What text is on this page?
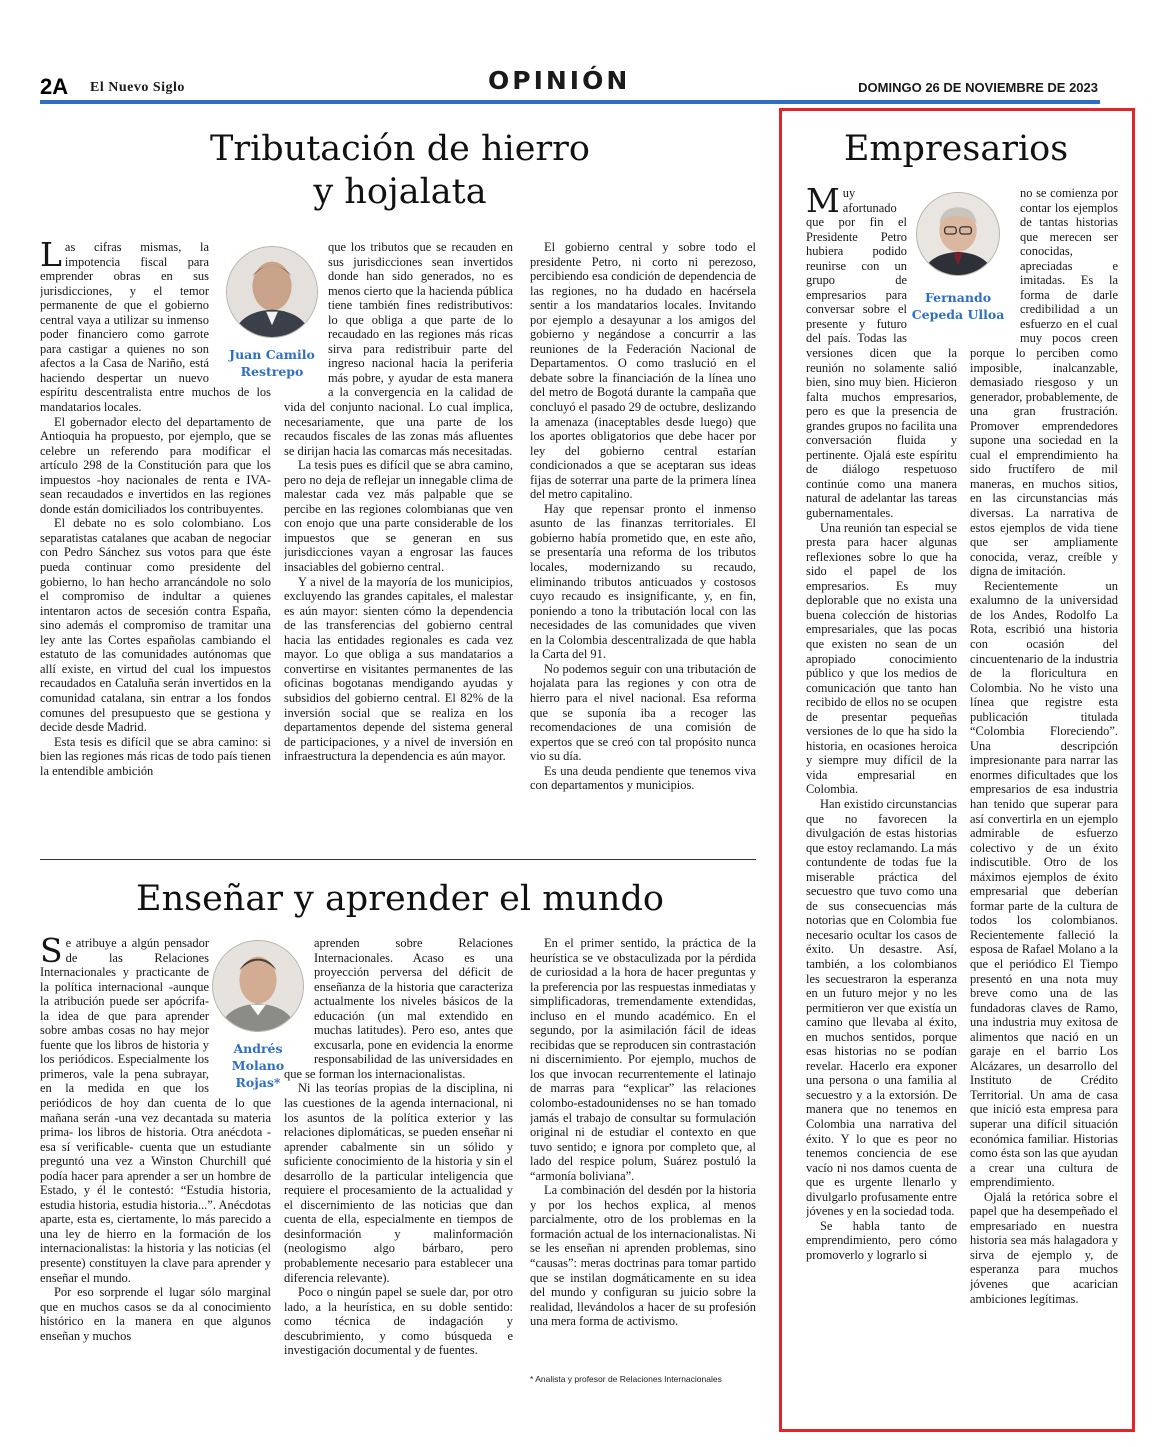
2A El Nuevo Siglo	OPINIÓN	DOMINGO 26 DE NOVIEMBRE DE 2023
Tributación de hierro
y hojalata
Juan Camilo
Restrepo

Las cifras mismas, la impotencia fiscal para emprender obras en sus jurisdicciones, y el temor permanente de que el gobierno central vaya a utilizar su inmenso poder financiero como garrote para castigar a quienes no son afectos a la Casa de Nariño, está haciendo despertar un nuevo espíritu descentralista entre muchos de los mandatarios locales.

El gobernador electo del departamento de Antioquia ha propuesto, por ejemplo, que se celebre un referendo para modificar el artículo 298 de la Constitución para que los impuestos -hoy nacionales de renta e IVA- sean recaudados e invertidos en las regiones donde están domiciliados los contribuyentes.

El debate no es solo colombiano. Los separatistas catalanes que acaban de negociar con Pedro Sánchez sus votos para que éste pueda continuar como presidente del gobierno, lo han hecho arrancándole no solo el compromiso de indultar a quienes intentaron actos de secesión contra España, sino además el compromiso de tramitar una ley ante las Cortes españolas cambiando el estatuto de las comunidades autónomas que allí existe, en virtud del cual los impuestos recaudados en Cataluña serán invertidos en la comunidad catalana, sin entrar a los fondos comunes del presupuesto que se gestiona y decide desde Madrid.

Esta tesis es difícil que se abra camino: si bien las regiones más ricas de todo país tienen la entendible ambición

que los tributos que se recauden en sus jurisdicciones sean invertidos donde han sido generados, no es menos cierto que la hacienda pública tiene también fines redistributivos: lo que obliga a que parte de lo recaudado en las regiones más ricas sirva para redistribuir parte del ingreso nacional hacia la periferia más pobre, y ayudar de esta manera a la convergencia en la calidad de vida del conjunto nacional. Lo cual implica, necesariamente, que una parte de los recaudos fiscales de las zonas más afluentes se dirijan hacia las comarcas más necesitadas.

La tesis pues es difícil que se abra camino, pero no deja de reflejar un innegable clima de malestar cada vez más palpable que se percibe en las regiones colombianas que ven con enojo que una parte considerable de los impuestos que se generan en sus jurisdicciones vayan a engrosar las fauces insaciables del gobierno central.

Y a nivel de la mayoría de los municipios, excluyendo las grandes capitales, el malestar es aún mayor: sienten cómo la dependencia de las transferencias del gobierno central hacia las entidades regionales es cada vez mayor. Lo que obliga a sus mandatarios a convertirse en visitantes permanentes de las oficinas bogotanas mendigando ayudas y subsidios del gobierno central. El 82% de la inversión social que se realiza en los departamentos depende del sistema general de participaciones, y a nivel de inversión en infraestructura la dependencia es aún mayor.

El gobierno central y sobre todo el presidente Petro, ni corto ni perezoso, percibiendo esa condición de dependencia de las regiones, no ha dudado en hacérsela sentir a los mandatarios locales. Invitando por ejemplo a desayunar a los amigos del gobierno y negándose a concurrir a las reuniones de la Federación Nacional de Departamentos. O como traslució en el debate sobre la financiación de la línea uno del metro de Bogotá durante la campaña que concluyó el pasado 29 de octubre, deslizando la amenaza (inaceptables desde luego) que los aportes obligatorios que debe hacer por ley del gobierno central estarían condicionados a que se aceptaran sus ideas fijas de soterrar una parte de la primera línea del metro capitalino.

Hay que repensar pronto el inmenso asunto de las finanzas territoriales. El gobierno había prometido que, en este año, se presentaría una reforma de los tributos locales, modernizando su recaudo, eliminando tributos anticuados y costosos cuyo recaudo es insignificante, y, en fin, poniendo a tono la tributación local con las necesidades de las comunidades que viven en la Colombia descentralizada de que habla la Carta del 91.

No podemos seguir con una tributación de hojalata para las regiones y con otra de hierro para el nivel nacional. Esa reforma que se suponía iba a recoger las recomendaciones de una comisión de expertos que se creó con tal propósito nunca vio su día.

Es una deuda pendiente que tenemos viva con departamentos y municipios.

Enseñar y aprender el mundo
Andrés Molano
Rojas*

Se atribuye a algún pensador de las Relaciones Internacionales y practicante de la política internacional -aunque la atribución puede ser apócrifa- la idea de que para aprender sobre ambas cosas no hay mejor fuente que los libros de historia y los periódicos. Especialmente los primeros, vale la pena subrayar, en la medida en que los periódicos de hoy dan cuenta de lo que mañana serán -una vez decantada su materia prima- los libros de historia. Otra anécdota -esa sí verificable- cuenta que un estudiante preguntó una vez a Winston Churchill qué podía hacer para aprender a ser un hombre de Estado, y él le contestó: “Estudia historia, estudia historia, estudia historia...”. Anécdotas aparte, esta es, ciertamente, lo más parecido a una ley de hierro en la formación de los internacionalistas: la historia y las noticias (el presente) constituyen la clave para aprender y enseñar el mundo.

Por eso sorprende el lugar sólo marginal que en muchos casos se da al conocimiento histórico en la manera en que algunos enseñan y muchos

aprenden sobre Relaciones Internacionales. Acaso es una proyección perversa del déficit de enseñanza de la historia que caracteriza actualmente los niveles básicos de la educación (un mal extendido en muchas latitudes). Pero eso, antes que excusarla, pone en evidencia la enorme responsabilidad de las universidades en que se forman los internacionalistas.

Ni las teorías propias de la disciplina, ni las cuestiones de la agenda internacional, ni los asuntos de la política exterior y las relaciones diplomáticas, se pueden enseñar ni aprender cabalmente sin un sólido y suficiente conocimiento de la historia y sin el desarrollo de la particular inteligencia que requiere el procesamiento de la actualidad y el discernimiento de las noticias que dan cuenta de ella, especialmente en tiempos de desinformación y malinformación (neologismo algo bárbaro, pero probablemente necesario para establecer una diferencia relevante).

Poco o ningún papel se suele dar, por otro lado, a la heurística, en su doble sentido: como técnica de indagación y descubrimiento, y como búsqueda e investigación documental y de fuentes.

En el primer sentido, la práctica de la heurística se ve obstaculizada por la pérdida de curiosidad a la hora de hacer preguntas y la preferencia por las respuestas inmediatas y simplificadoras, tremendamente extendidas, incluso en el mundo académico. En el segundo, por la asimilación fácil de ideas recibidas que se reproducen sin contrastación ni discernimiento. Por ejemplo, muchos de los que invocan recurrentemente el latinajo de marras para “explicar” las relaciones colombo-estadounidenses no se han tomado jamás el trabajo de consultar su formulación original ni de estudiar el contexto en que tuvo sentido; e ignora por completo que, al lado del respice polum, Suárez postuló la “armonía boliviana”.

La combinación del desdén por la historia y por los hechos explica, al menos parcialmente, otro de los problemas en la formación actual de los internacionalistas. Ni se les enseñan ni aprenden problemas, sino “causas”: meras doctrinas para tomar partido que se instilan dogmáticamente en su idea del mundo y configuran su juicio sobre la realidad, llevándolos a hacer de su profesión una mera forma de activismo.

* Analista y profesor de Relaciones Internacionales
Empresarios
Fernando
Cepeda Ulloa

Muy afortunado que por fin el Presidente Petro hubiera podido reunirse con un grupo de empresarios para conversar sobre el presente y futuro del país. Todas las versiones dicen que la reunión no solamente salió bien, sino muy bien. Hicieron falta muchos empresarios, pero es que la presencia de grandes grupos no facilita una conversación fluida y pertinente. Ojalá este espíritu de diálogo respetuoso continúe como una manera natural de adelantar las tareas gubernamentales.

Una reunión tan especial se presta para hacer algunas reflexiones sobre lo que ha sido el papel de los empresarios. Es muy deplorable que no exista una buena colección de historias empresariales, que las pocas que existen no sean de un apropiado conocimiento público y que los medios de comunicación que tanto han recibido de ellos no se ocupen de presentar pequeñas versiones de lo que ha sido la historia, en ocasiones heroica y siempre muy difícil de la vida empresarial en Colombia.

Han existido circunstancias que no favorecen la divulgación de estas historias que estoy reclamando. La más contundente de todas fue la miserable práctica del secuestro que tuvo como una de sus consecuencias más notorias que en Colombia fue necesario ocultar los casos de éxito. Un desastre. Así, también, a los colombianos les secuestraron la esperanza en un futuro mejor y no les permitieron ver que existía un camino que llevaba al éxito, en muchos sentidos, porque esas historias no se podían revelar. Hacerlo era exponer una persona o una familia al secuestro y a la extorsión. De manera que no tenemos en Colombia una narrativa del éxito. Y lo que es peor no tenemos conciencia de ese vacío ni nos damos cuenta de que es urgente llenarlo y divulgarlo profusamente entre jóvenes y en la sociedad toda.

Se habla tanto de emprendimiento, pero cómo promoverlo y lograrlo si

no se comienza por contar los ejemplos de tantas historias que merecen ser conocidas, apreciadas e imitadas. Es la forma de darle credibilidad a un esfuerzo en el cual muy pocos creen porque lo perciben como imposible, inalcanzable, demasiado riesgoso y un generador, probablemente, de una gran frustración. Promover emprendedores supone una sociedad en la cual el emprendimiento ha sido fructífero de mil maneras, en muchos sitios, en las circunstancias más diversas. La narrativa de estos ejemplos de vida tiene que ser ampliamente conocida, veraz, creíble y digna de imitación.

Recientemente un exalumno de la universidad de los Andes, Rodolfo La Rota, escribió una historia con ocasión del cincuentenario de la industria de la floricultura en Colombia. No he visto una línea que registre esta publicación titulada “Colombia Floreciendo”. Una descripción impresionante para narrar las enormes dificultades que los empresarios de esa industria han tenido que superar para así convertirla en un ejemplo admirable de esfuerzo colectivo y de un éxito indiscutible. Otro de los máximos ejemplos de éxito empresarial que deberían formar parte de la cultura de todos los colombianos. Recientemente falleció la esposa de Rafael Molano a la que el periódico El Tiempo presentó en una nota muy breve como una de las fundadoras claves de Ramo, una industria muy exitosa de alimentos que nació en un garaje en el barrio Los Alcázares, un desarrollo del Instituto de Crédito Territorial. Un ama de casa que inició esta empresa para superar una difícil situación económica familiar. Historias como ésta son las que ayudan a crear una cultura de emprendimiento.

Ojalá la retórica sobre el papel que ha desempeñado el empresariado en nuestra historia sea más halagadora y sirva de ejemplo y, de esperanza para muchos jóvenes que acarician ambiciones legítimas.
